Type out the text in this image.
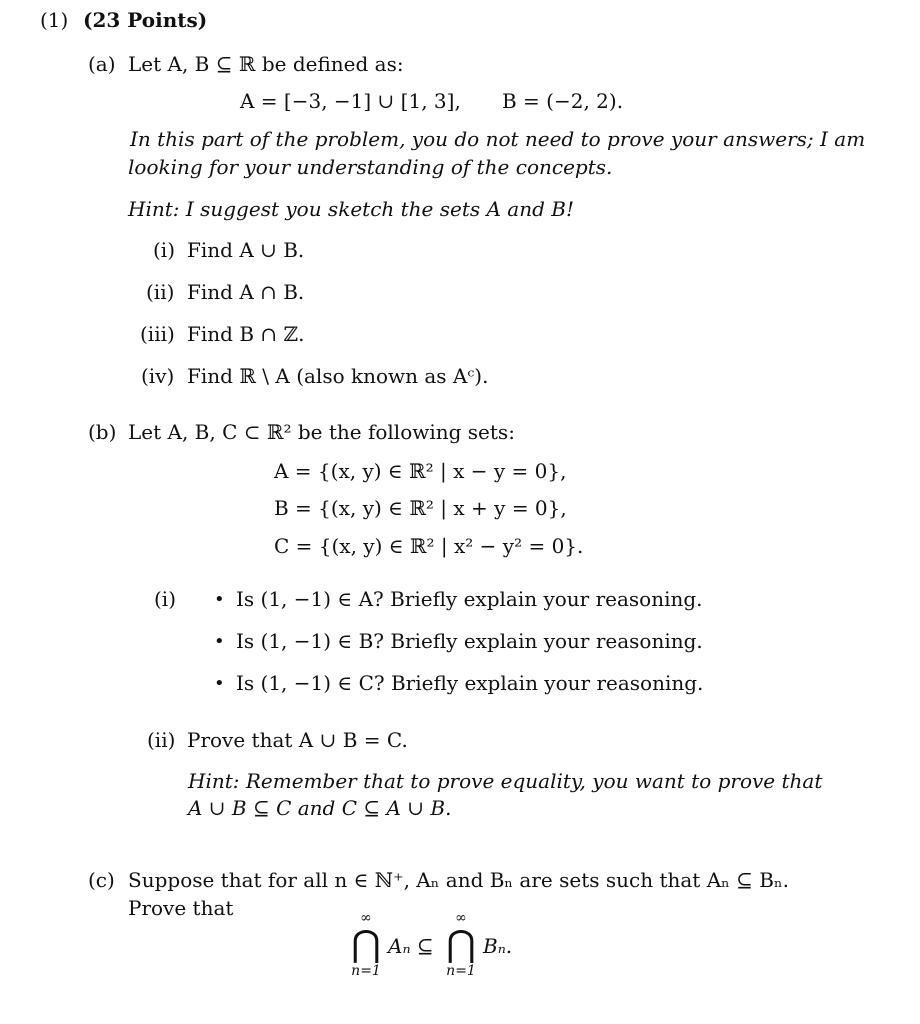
(1) (23 Points)
(a) Let A, B ⊆ ℝ be defined as:
A = [−3, −1] ∪ [1, 3], B = (−2, 2).
In this part of the problem, you do not need to prove your answers; I am
looking for your understanding of the concepts.
Hint: I suggest you sketch the sets A and B!
(i) Find A ∪ B.
(ii) Find A ∩ B.
(iii) Find B ∩ ℤ.
(iv) Find ℝ \ A (also known as Aᶜ).
(b) Let A, B, C ⊂ ℝ² be the following sets:
A = {(x, y) ∈ ℝ² | x − y = 0},
B = {(x, y) ∈ ℝ² | x + y = 0},
C = {(x, y) ∈ ℝ² | x² − y² = 0}.
(i) • Is (1, −1) ∈ A? Briefly explain your reasoning.
• Is (1, −1) ∈ B? Briefly explain your reasoning.
• Is (1, −1) ∈ C? Briefly explain your reasoning.
(ii) Prove that A ∪ B = C.
Hint: Remember that to prove equality, you want to prove that
A ∪ B ⊆ C and C ⊆ A ∪ B.
(c) Suppose that for all n ∈ ℕ⁺, Aₙ and Bₙ are sets such that Aₙ ⊆ Bₙ.
Prove that	∞
⋂
n=1
Aₙ ⊆
∞
⋂
n=1
Bₙ.
